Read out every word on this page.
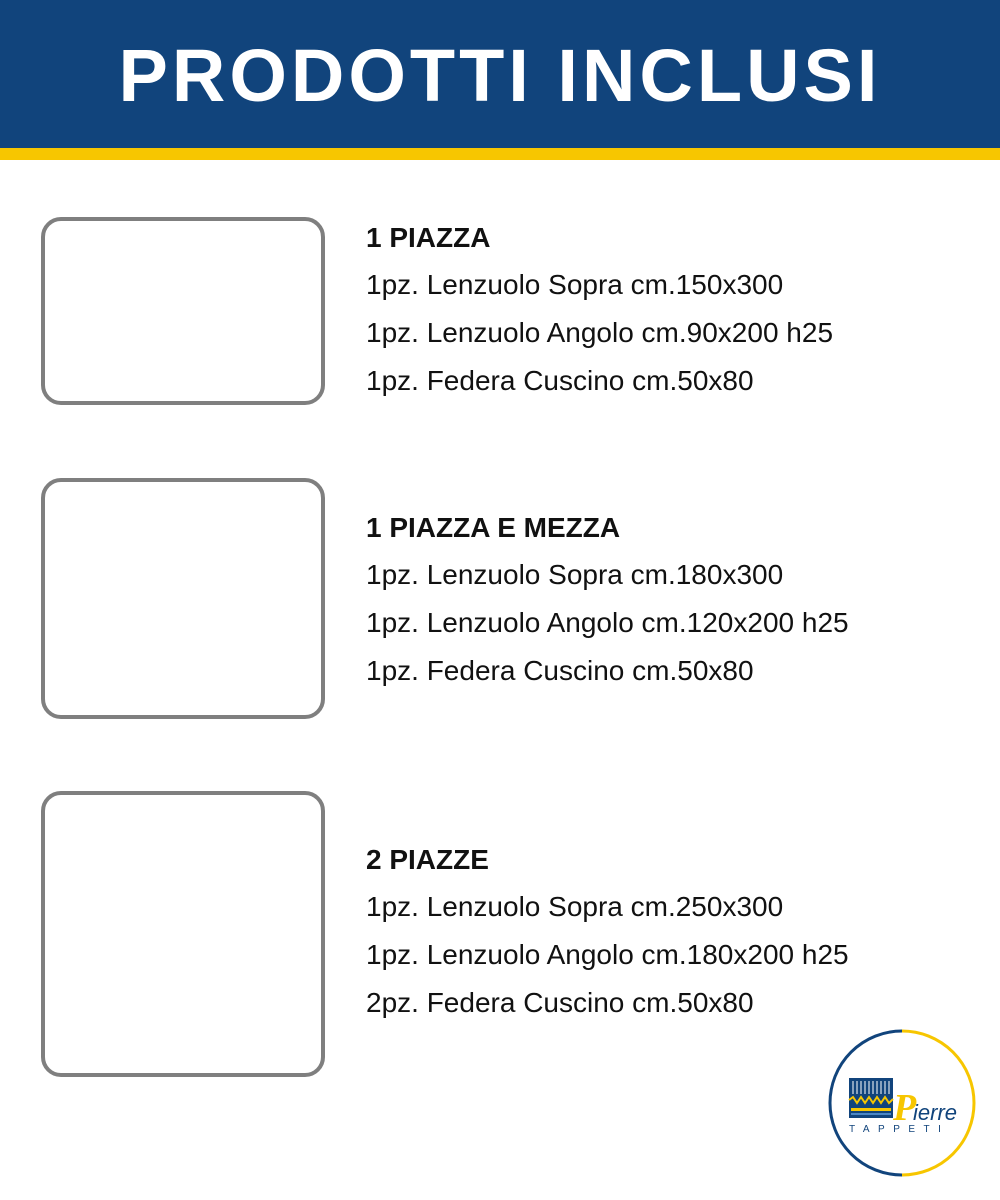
PRODOTTI INCLUSI
1 PIAZZA
1pz. Lenzuolo Sopra cm.150x300
1pz. Lenzuolo Angolo cm.90x200 h25
1pz. Federa Cuscino cm.50x80
1 PIAZZA E MEZZA
1pz. Lenzuolo Sopra cm.180x300
1pz. Lenzuolo Angolo cm.120x200 h25
1pz. Federa Cuscino cm.50x80
2 PIAZZE
1pz. Lenzuolo Sopra cm.250x300
1pz. Lenzuolo Angolo cm.180x200 h25
2pz. Federa Cuscino cm.50x80
P
ierre
TAPPETI
